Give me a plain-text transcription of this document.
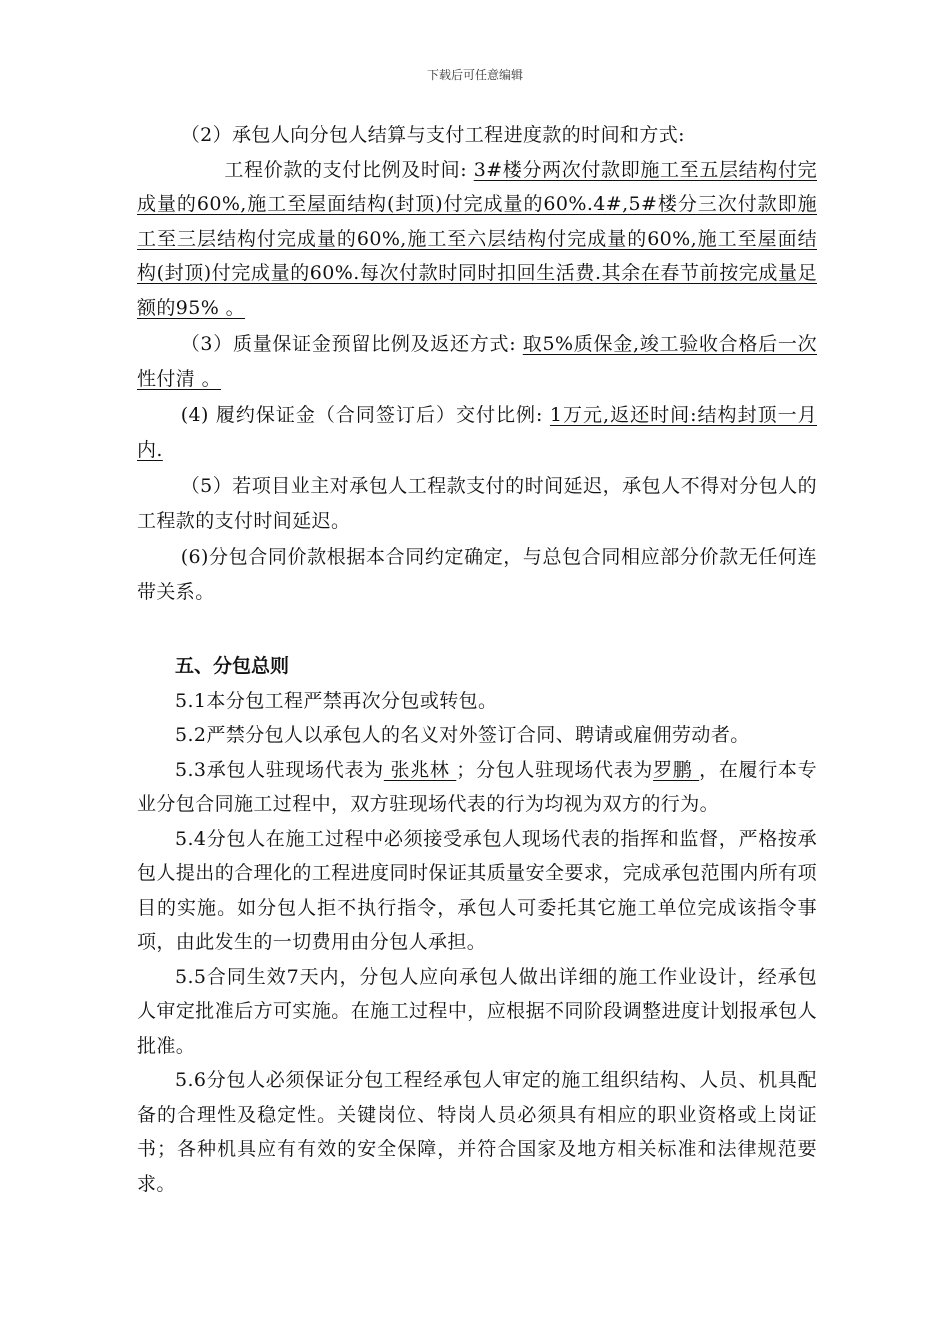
下载后可任意编辑

（2）承包人向分包人结算与支付工程进度款的时间和方式:

工程价款的支付比例及时间: 3#楼分两次付款即施工至五层结构付完成量的60%,施工至屋面结构(封顶)付完成量的60%.4#,5#楼分三次付款即施工至三层结构付完成量的60%,施工至六层结构付完成量的60%,施工至屋面结构(封顶)付完成量的60%.每次付款时同时扣回生活费.其余在春节前按完成量足额的95% 。

（3）质量保证金预留比例及返还方式: 取5%质保金,竣工验收合格后一次性付清 。

(4) 履约保证金（合同签订后）交付比例: 1万元,返还时间:结构封顶一月内.

（5）若项目业主对承包人工程款支付的时间延迟，承包人不得对分包人的工程款的支付时间延迟。

(6)分包合同价款根据本合同约定确定，与总包合同相应部分价款无任何连带关系。

五、分包总则

5.1本分包工程严禁再次分包或转包。

5.2严禁分包人以承包人的名义对外签订合同、聘请或雇佣劳动者。

5.3承包人驻现场代表为 张兆林 ；分包人驻现场代表为罗鹏 ，在履行本专业分包合同施工过程中，双方驻现场代表的行为均视为双方的行为。

5.4分包人在施工过程中必须接受承包人现场代表的指挥和监督，严格按承包人提出的合理化的工程进度同时保证其质量安全要求，完成承包范围内所有项目的实施。如分包人拒不执行指令，承包人可委托其它施工单位完成该指令事项，由此发生的一切费用由分包人承担。

5.5合同生效7天内，分包人应向承包人做出详细的施工作业设计，经承包人审定批准后方可实施。在施工过程中，应根据不同阶段调整进度计划报承包人批准。

5.6分包人必须保证分包工程经承包人审定的施工组织结构、人员、机具配备的合理性及稳定性。关键岗位、特岗人员必须具有相应的职业资格或上岗证书；各种机具应有有效的安全保障，并符合国家及地方相关标准和法律规范要求。
